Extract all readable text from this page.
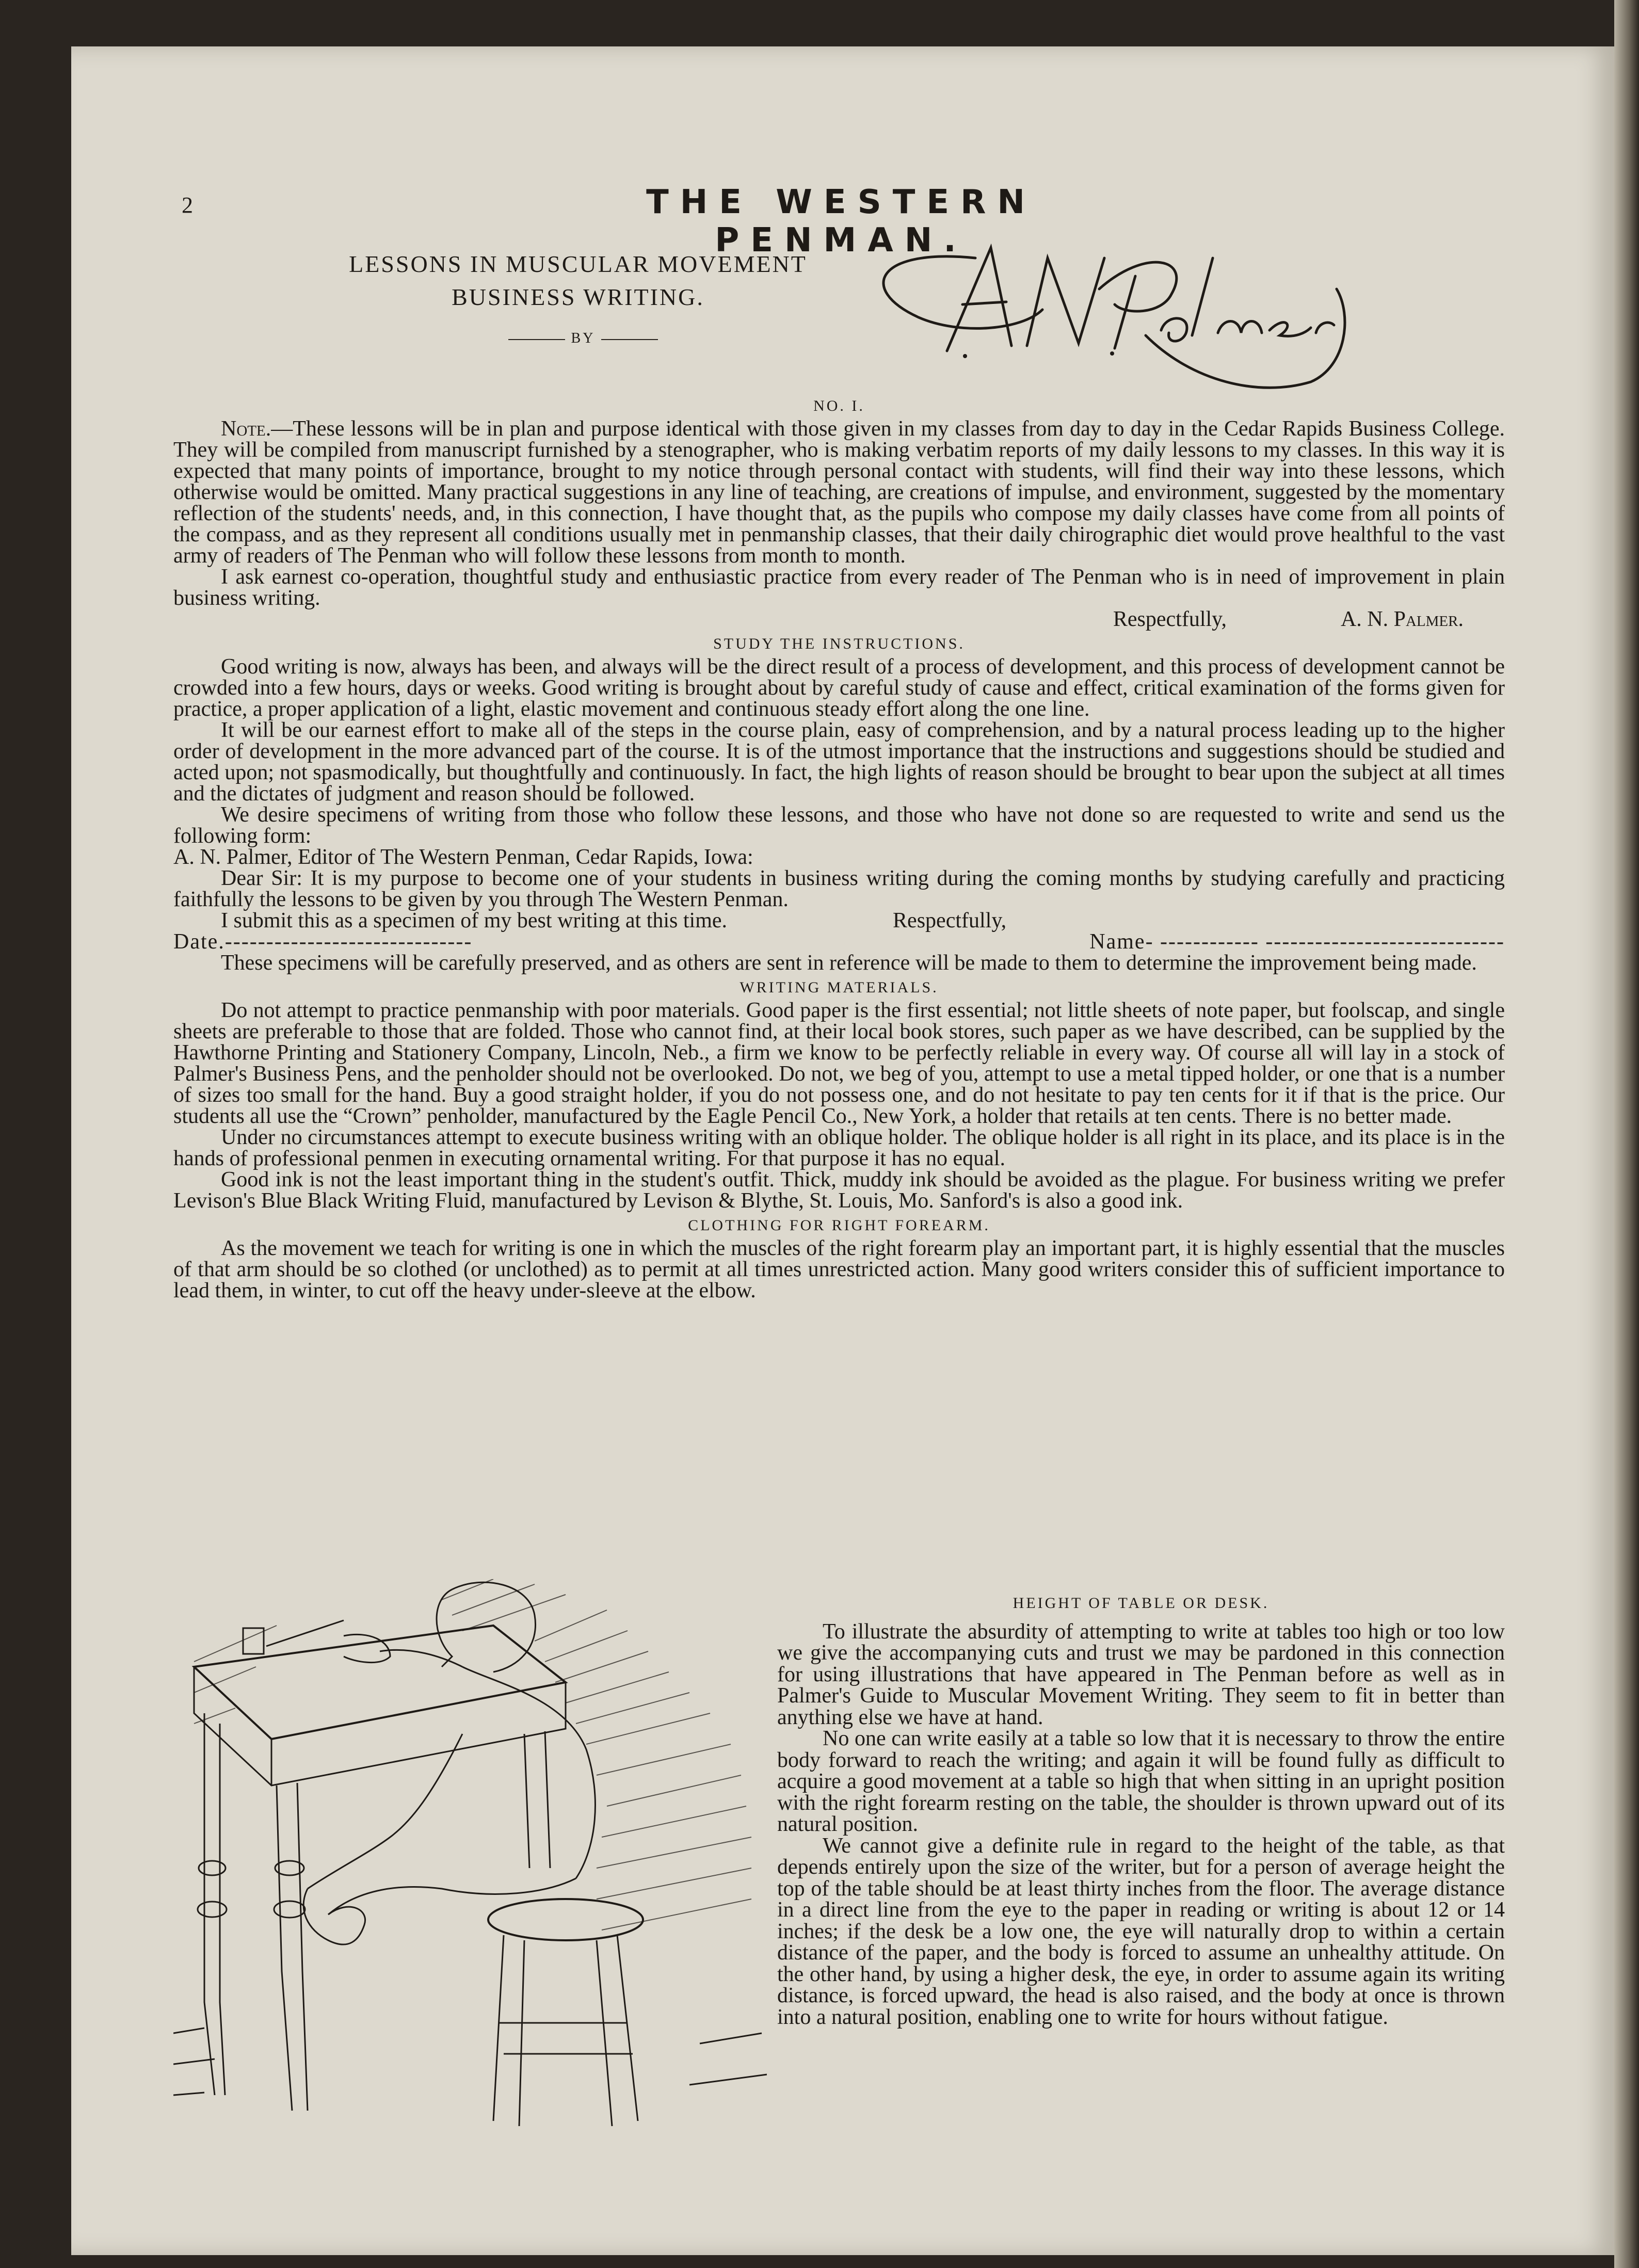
2	THE WESTERN PENMAN.
LESSONS IN MUSCULAR MOVEMENT
BUSINESS WRITING.
BY
NO. I.

Note.—These lessons will be in plan and purpose identical with those given in my classes from day to day in the Cedar Rapids Business College. They will be compiled from manuscript furnished by a stenographer, who is making verbatim reports of my daily lessons to my classes. In this way it is expected that many points of importance, brought to my notice through personal contact with students, will find their way into these lessons, which otherwise would be omitted. Many practical suggestions in any line of teaching, are creations of impulse, and environment, suggested by the momentary reflection of the students' needs, and, in this connection, I have thought that, as the pupils who compose my daily classes have come from all points of the compass, and as they represent all conditions usually met in penmanship classes, that their daily chirographic diet would prove healthful to the vast army of readers of The Penman who will follow these lessons from month to month.

I ask earnest co-operation, thoughtful study and enthusiastic practice from every reader of The Penman who is in need of improvement in plain business writing.

Respectfully,	A. N. Palmer.

STUDY THE INSTRUCTIONS.

Good writing is now, always has been, and always will be the direct result of a process of development, and this process of development cannot be crowded into a few hours, days or weeks. Good writing is brought about by careful study of cause and effect, critical examination of the forms given for practice, a proper application of a light, elastic movement and continuous steady effort along the one line.

It will be our earnest effort to make all of the steps in the course plain, easy of comprehension, and by a natural process leading up to the higher order of development in the more advanced part of the course. It is of the utmost importance that the instructions and suggestions should be studied and acted upon; not spasmodically, but thoughtfully and continuously. In fact, the high lights of reason should be brought to bear upon the subject at all times and the dictates of judgment and reason should be followed.

We desire specimens of writing from those who follow these lessons, and those who have not done so are requested to write and send us the following form:

A. N. Palmer, Editor of The Western Penman, Cedar Rapids, Iowa:

Dear Sir: It is my purpose to become one of your students in business writing during the coming months by studying carefully and practicing faithfully the lessons to be given by you through The Western Penman.

I submit this as a specimen of my best writing at this time.	Respectfully,

Date.------------------------------	Name- ------------ -----------------------------

These specimens will be carefully preserved, and as others are sent in reference will be made to them to determine the improvement being made.

WRITING MATERIALS.

Do not attempt to practice penmanship with poor materials. Good paper is the first essential; not little sheets of note paper, but foolscap, and single sheets are preferable to those that are folded. Those who cannot find, at their local book stores, such paper as we have described, can be supplied by the Hawthorne Printing and Stationery Company, Lincoln, Neb., a firm we know to be perfectly reliable in every way. Of course all will lay in a stock of Palmer's Business Pens, and the penholder should not be overlooked. Do not, we beg of you, attempt to use a metal tipped holder, or one that is a number of sizes too small for the hand. Buy a good straight holder, if you do not possess one, and do not hesitate to pay ten cents for it if that is the price. Our students all use the “Crown” penholder, manufactured by the Eagle Pencil Co., New York, a holder that retails at ten cents. There is no better made.

Under no circumstances attempt to execute business writing with an oblique holder. The oblique holder is all right in its place, and its place is in the hands of professional penmen in executing ornamental writing. For that purpose it has no equal.

Good ink is not the least important thing in the student's outfit. Thick, muddy ink should be avoided as the plague. For business writing we prefer Levison's Blue Black Writing Fluid, manufactured by Levison & Blythe, St. Louis, Mo. Sanford's is also a good ink.

CLOTHING FOR RIGHT FOREARM.

As the movement we teach for writing is one in which the muscles of the right forearm play an important part, it is highly essential that the muscles of that arm should be so clothed (or unclothed) as to permit at all times unrestricted action. Many good writers consider this of sufficient importance to lead them, in winter, to cut off the heavy under-sleeve at the elbow.

HEIGHT OF TABLE OR DESK.

To illustrate the absurdity of attempting to write at tables too high or too low we give the accompanying cuts and trust we may be pardoned in this connection for using illustrations that have appeared in The Penman before as well as in Palmer's Guide to Muscular Movement Writing. They seem to fit in better than anything else we have at hand.

No one can write easily at a table so low that it is necessary to throw the entire body forward to reach the writing; and again it will be found fully as difficult to acquire a good movement at a table so high that when sitting in an upright position with the right forearm resting on the table, the shoulder is thrown upward out of its natural position.

We cannot give a definite rule in regard to the height of the table, as that depends entirely upon the size of the writer, but for a person of average height the top of the table should be at least thirty inches from the floor. The average distance in a direct line from the eye to the paper in reading or writing is about 12 or 14 inches; if the desk be a low one, the eye will naturally drop to within a certain distance of the paper, and the body is forced to assume an unhealthy attitude. On the other hand, by using a higher desk, the eye, in order to assume again its writing distance, is forced upward, the head is also raised, and the body at once is thrown into a natural position, enabling one to write for hours without fatigue.
